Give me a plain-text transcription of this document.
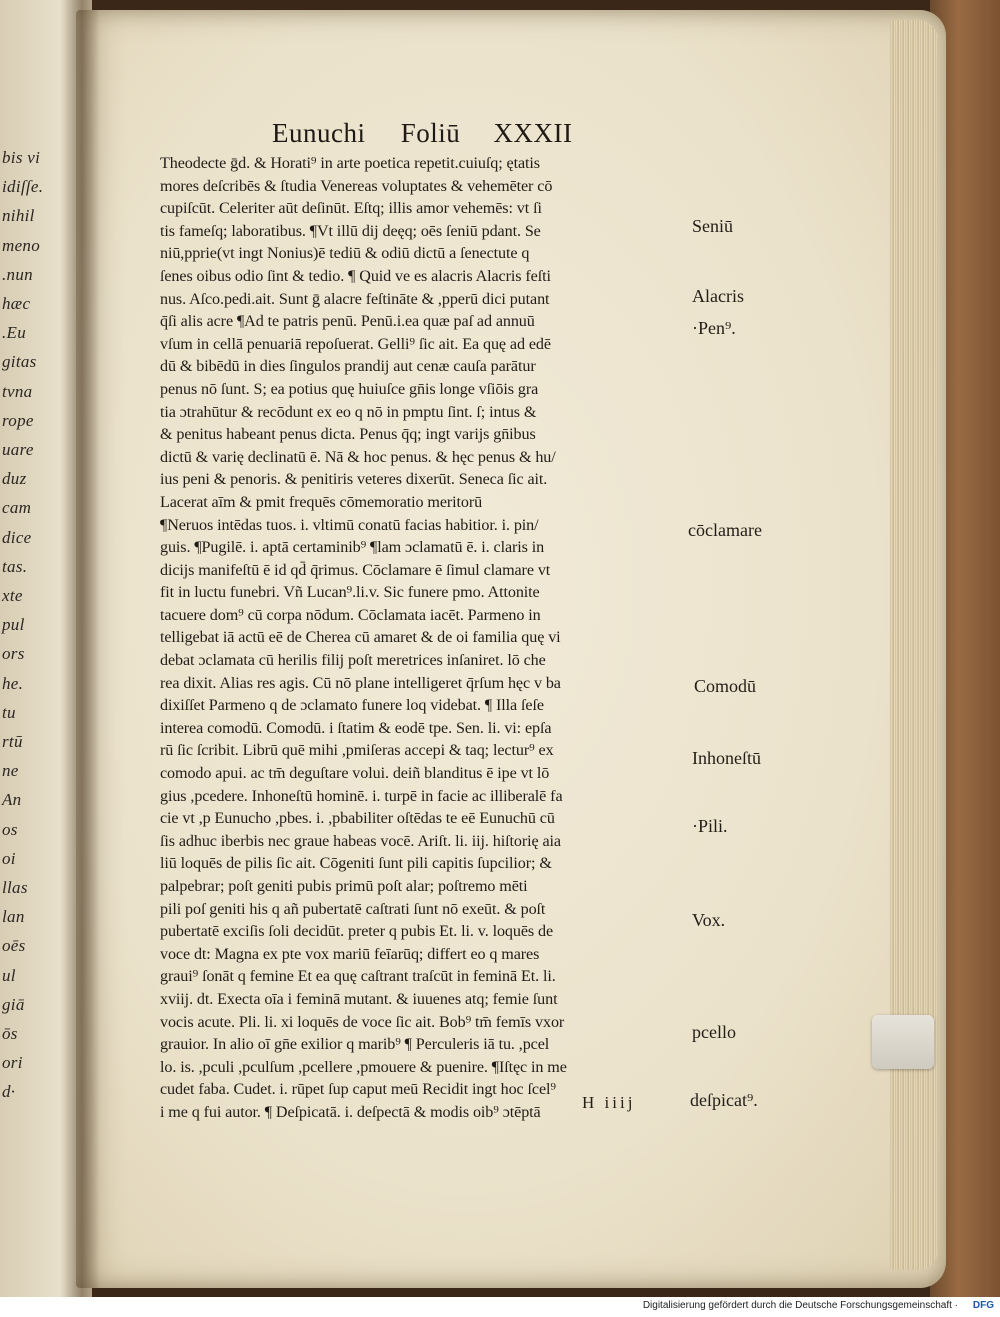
bis vi
idiſſe.
nihil
meno
.nun
hæc
.Eu
gitas
tvna
rope
uare
duz
cam
dice
tas.
xte
pul
ors
he.
tu
rtū
ne
An
os
oi
llas
lan
oēs
ul
giā
ōs
ori
d·
Eunuchi Foliū XXXII
Theodecte ḡd. & Horati⁹ in arte poetica repetit.cuiuſq; ętatis
mores deſcribēs & ſtudia Venereas voluptates & vehemēter cō
cupiſcūt. Celeriter aūt deſinūt. Eſtq; illis amor vehemēs: vt ſi
tis fameſq; laboratibus. ¶Vt illū dij deęq; oēs ſeniū pdant. Se
niū,pprie(vt ingt Nonius)ē tediū & odiū dictū a ſenectute q
ſenes oibus odio ſint & tedio. ¶ Quid ve es alacris Alacris feſti
nus. Aſco.pedi.ait. Sunt ḡ alacre feſtināte & ,pperū dici putant
q̄ſi alis acre ¶Ad te patris penū. Penū.i.ea quæ paſ ad annuū
vſum in cellā penuariā repoſuerat. Gelli⁹ ſic ait. Ea quę ad edē
dū & bibēdū in dies ſingulos prandij aut cenæ cauſa parātur
penus nō ſunt. S; ea potius quę huiuſce gn̄is longe vſiōis gra
tia ɔtrahūtur & recōdunt ex eo q nō in pmptu ſint. ſ; intus &
& penitus habeant penus dicta. Penus q̄q; ingt varijs gn̄ibus
dictū & varię declinatū ē. Nā & hoc penus. & hęc penus & hu/
ius peni & penoris. & penitiris veteres dixerūt. Seneca ſic ait.
Lacerat aīm & pmit frequēs cōmemoratio meritorū
¶Neruos intēdas tuos. i. vltimū conatū facias habitior. i. pin/
guis. ¶Pugilē. i. aptā certaminib⁹ ¶lam ɔclamatū ē. i. claris in
dicijs manifeſtū ē id qd̄ q̄rimus. Cōclamare ē ſimul clamare vt
fit in luctu funebri. Vñ Lucan⁹.li.v. Sic funere pmo. Attonite
tacuere dom⁹ cū corpa nōdum. Cōclamata iacēt. Parmeno in
telligebat iā actū eē de Cherea cū amaret & de oi familia quę vi
debat ɔclamata cū herilis filij poſt meretrices inſaniret. lō che
rea dixit. Alias res agis. Cū nō plane intelligeret q̄rſum hęc v ba
dixiſſet Parmeno q de ɔclamato funere loq videbat. ¶ Illa ſeſe
interea comodū. Comodū. i ſtatim & eodē tpe. Sen. li. vi: epſa
rū ſic ſcribit. Librū quē mihi ,pmiſeras accepi & taq; lectur⁹ ex
comodo apui. ac tm̄ deguſtare volui. deiñ blanditus ē ipe vt lō
gius ,pcedere. Inhoneſtū hominē. i. turpē in facie ac illiberalē fa
cie vt ,p Eunucho ,pbes. i. ,pbabiliter oſtēdas te eē Eunuchū cū
ſis adhuc iberbis nec graue habeas vocē. Ariſt. li. iij. hiſtorię aia
liū loquēs de pilis ſic ait. Cōgeniti ſunt pili capitis ſupcilior; &
palpebrar; poſt geniti pubis primū poſt alar; poſtremo mēti
pili poſ geniti his q añ pubertatē caſtrati ſunt nō exeūt. & poſt
pubertatē exciſis ſoli decidūt. preter q pubis Et. li. v. loquēs de
voce dt: Magna ex pte vox mariū feīarūq; differt eo q mares
graui⁹ ſonāt q femine Et ea quę caſtrant traſcūt in feminā Et. li.
xviij. dt. Execta oīa i feminā mutant. & iuuenes atq; femie ſunt
vocis acute. Pli. li. xi loquēs de voce ſic ait. Bob⁹ tm̄ femīs vxor
grauior. In alio oī gn̄e exilior q marib⁹ ¶ Perculeris iā tu. ,pcel
lo. is. ,pculi ,pculſum ,pcellere ,pmouere & puenire. ¶Iſtęc in me
cudet faba. Cudet. i. rūpet ſup caput meū Recidit ingt hoc ſcel⁹
i me q fui autor. ¶ Deſpicatā. i. deſpectā & modis oib⁹ ɔtēptā
Seniū
Alacris
·Pen⁹.
cōclamare
Comodū
Inhoneſtū
·Pili.
Vox.
pcello
deſpicat⁹.
H iiij
Digitalisierung gefördert durch die Deutsche Forschungsgemeinschaft · DFG
